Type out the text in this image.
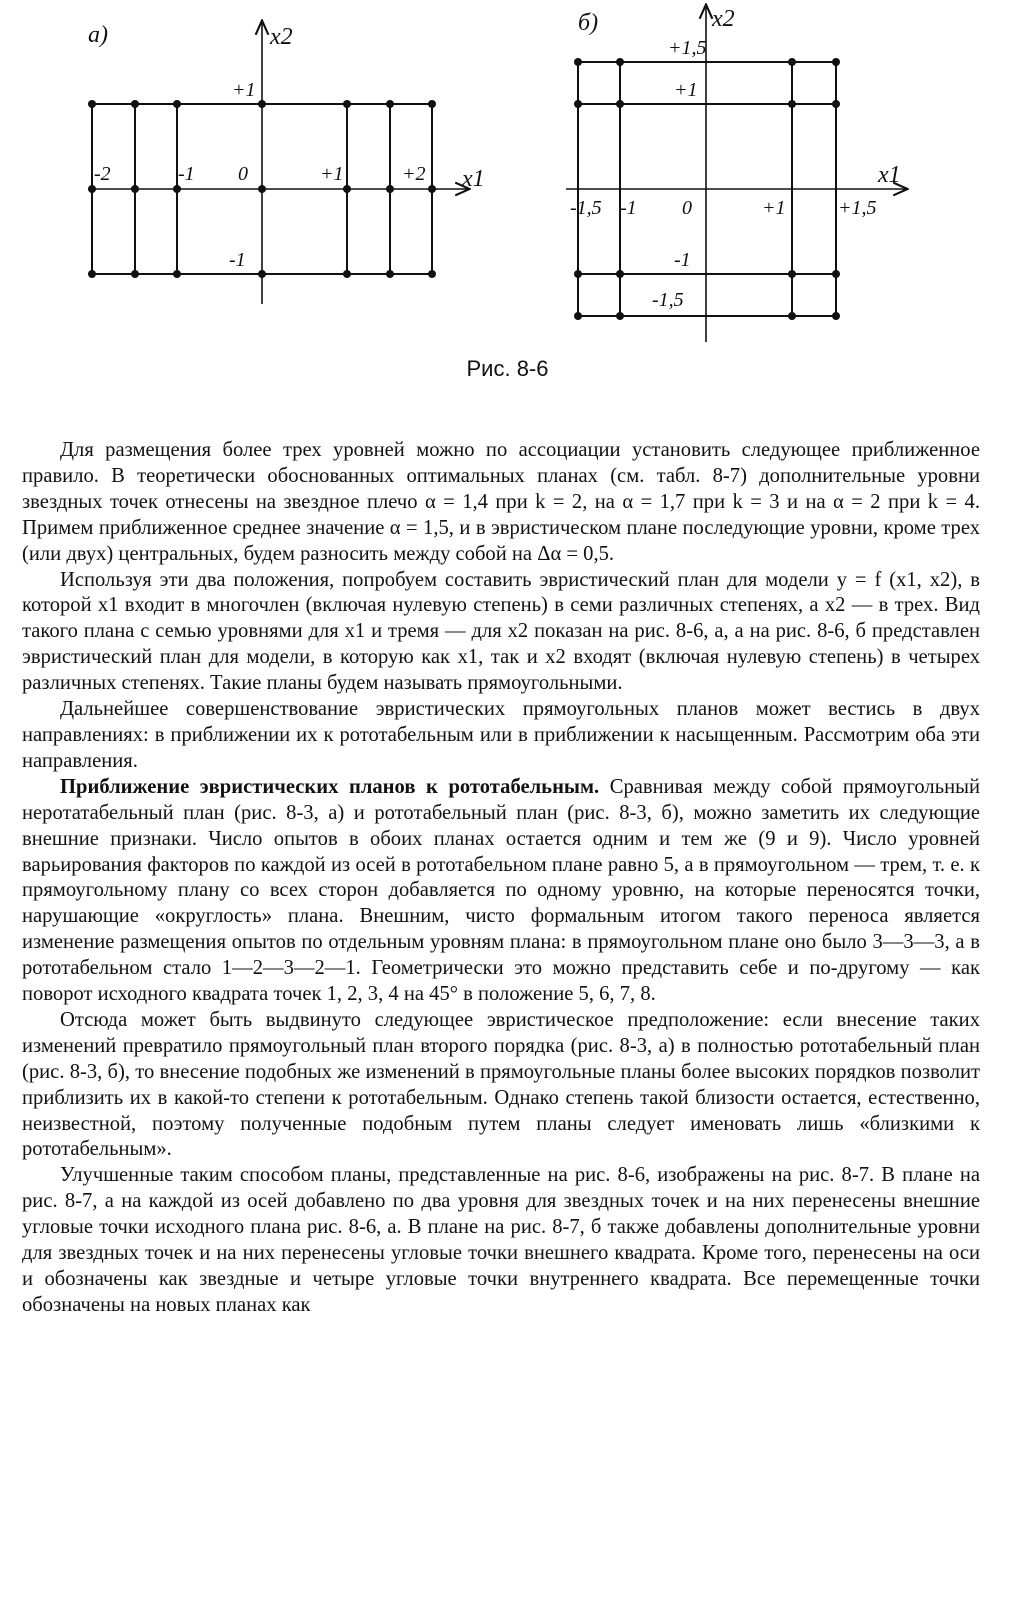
а)	x2
x1
-2	-1 0	+1	+2
+1
-1
б)	x2
x1
-1,5 -1 0	+1	+1,5
+1,5
+1
-1
-1,5
Рис. 8-6

Для размещения более трех уровней можно по ассоциации установить следующее приближенное правило. В теоретически обоснованных оптимальных планах (см. табл. 8-7) дополнительные уровни звездных точек отнесены на звездное плечо α = 1,4 при k = 2, на α = 1,7 при k = 3 и на α = 2 при k = 4. Примем приближенное среднее значение α = 1,5, и в эвристическом плане последующие уровни, кроме трех (или двух) центральных, будем разносить между собой на Δα = 0,5.

Используя эти два положения, попробуем составить эвристический план для модели y = f (x1, x2), в которой x1 входит в многочлен (включая нулевую степень) в семи различных степенях, а x2 — в трех. Вид такого плана с семью уровнями для x1 и тремя — для x2 показан на рис. 8-6, а, а на рис. 8-6, б представлен эвристический план для модели, в которую как x1, так и x2 входят (включая нулевую степень) в четырех различных степенях. Такие планы будем называть прямоугольными.

Дальнейшее совершенствование эвристических прямоугольных планов может вестись в двух направлениях: в приближении их к рототабельным или в приближении к насыщенным. Рассмотрим оба эти направления.

Приближение эвристических планов к рототабельным. Сравнивая между собой прямоугольный неротатабельный план (рис. 8-3, а) и рототабельный план (рис. 8-3, б), можно заметить их следующие внешние признаки. Число опытов в обоих планах остается одним и тем же (9 и 9). Число уровней варьирования факторов по каждой из осей в рототабельном плане равно 5, а в прямоугольном — трем, т. е. к прямоугольному плану со всех сторон добавляется по одному уровню, на которые переносятся точки, нарушающие «округлость» плана. Внешним, чисто формальным итогом такого переноса является изменение размещения опытов по отдельным уровням плана: в прямоугольном плане оно было 3—3—3, а в рототабельном стало 1—2—3—2—1. Геометрически это можно представить себе и по-другому — как поворот исходного квадрата точек 1, 2, 3, 4 на 45° в положение 5, 6, 7, 8.

Отсюда может быть выдвинуто следующее эвристическое предположение: если внесение таких изменений превратило прямоугольный план второго порядка (рис. 8-3, а) в полностью рототабельный план (рис. 8-3, б), то внесение подобных же изменений в прямоугольные планы более высоких порядков позволит приблизить их в какой-то степени к рототабельным. Однако степень такой близости остается, естественно, неизвестной, поэтому полученные подобным путем планы следует именовать лишь «близкими к рототабельным».

Улучшенные таким способом планы, представленные на рис. 8-6, изображены на рис. 8-7. В плане на рис. 8-7, а на каждой из осей добавлено по два уровня для звездных точек и на них перенесены внешние угловые точки исходного плана рис. 8-6, а. В плане на рис. 8-7, б также добавлены дополнительные уровни для звездных точек и на них перенесены угловые точки внешнего квадрата. Кроме того, перенесены на оси и обозначены как звездные и четыре угловые точки внутреннего квадрата. Все перемещенные точки обозначены на новых планах как
